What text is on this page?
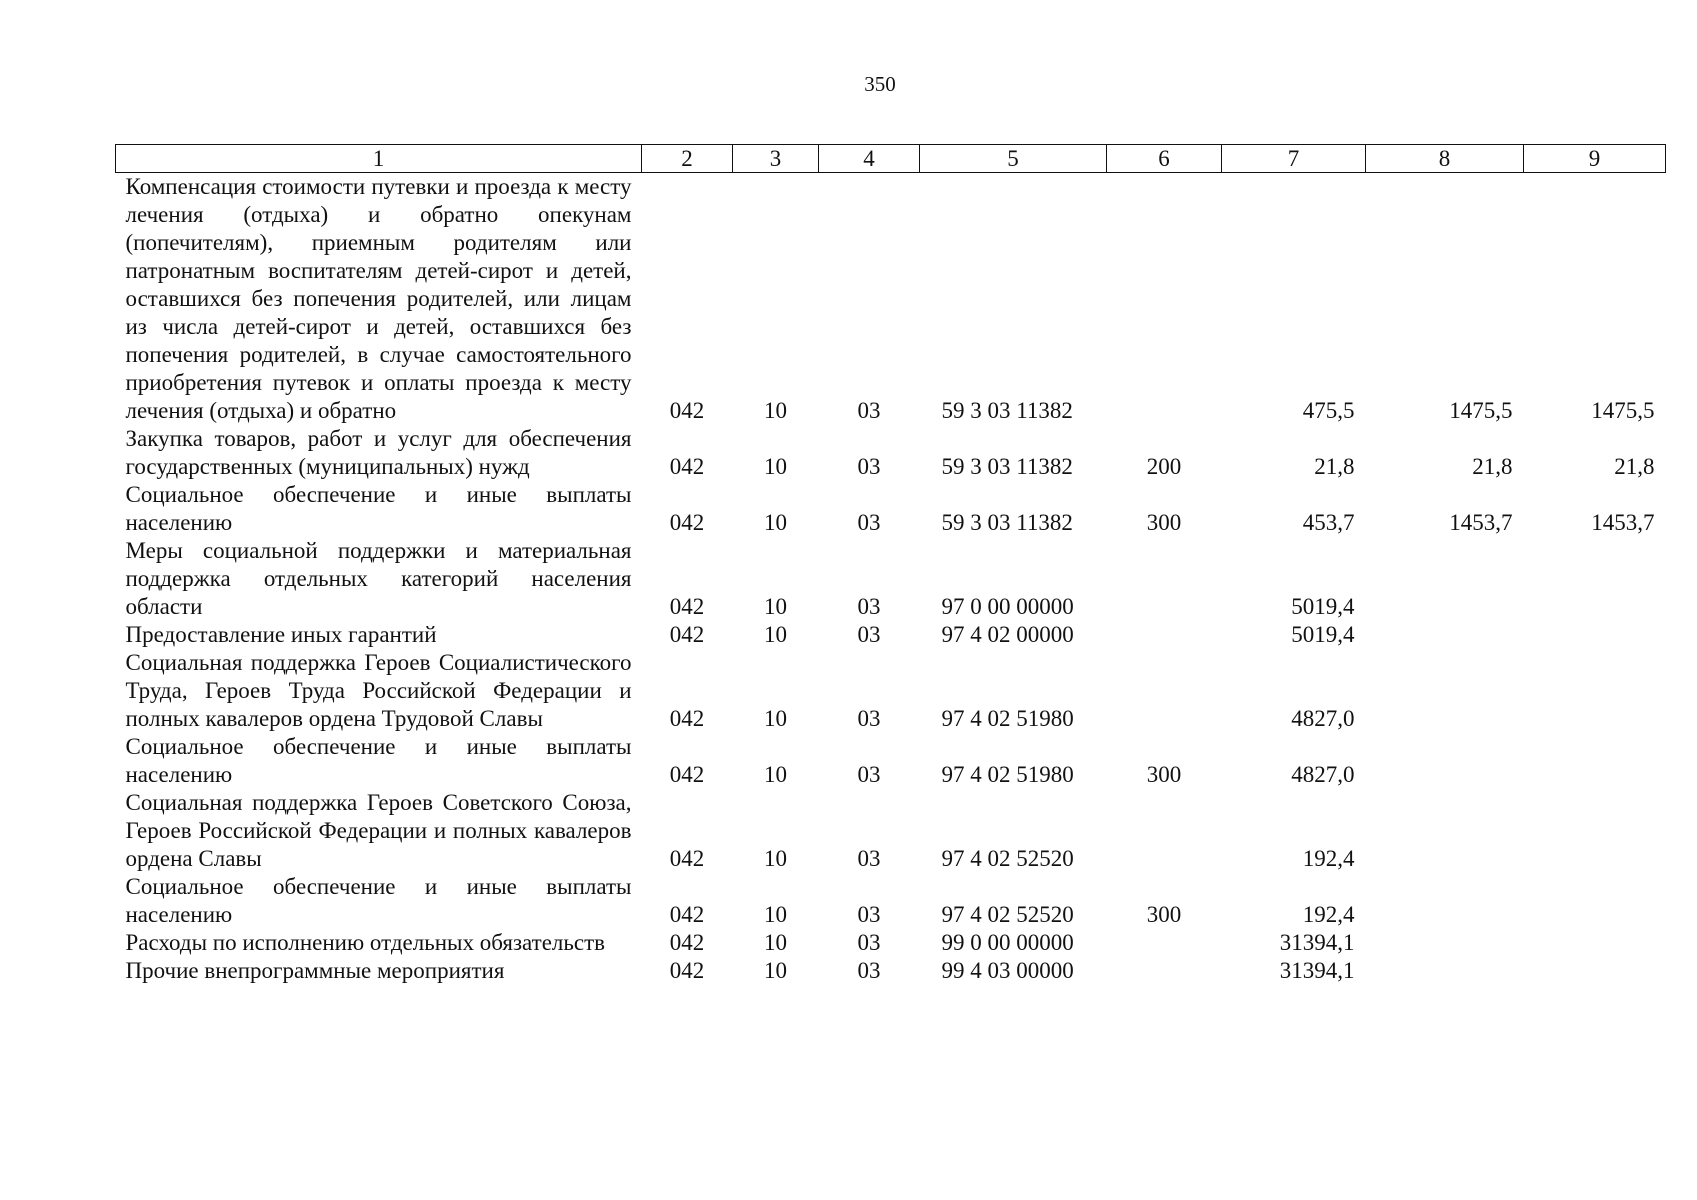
350
1	2	3	4	5	6	7	8	9
Компенсация стоимости путевки и проезда к месту лечения (отдыха) и обратно опекунам (попечителям), приемным родителям или патронатным воспитателям детей-сирот и детей, оставшихся без попечения родителей, или лицам из числа детей-сирот и детей, оставшихся без попечения родителей, в случае самостоятельного приобретения путевок и оплаты проезда к месту лечения (отдыха) и обратно	042	10	03	59 3 03 11382		475,5	1475,5	1475,5
Закупка товаров, работ и услуг для обеспечения государственных (муниципальных) нужд	042	10	03	59 3 03 11382	200	21,8	21,8	21,8
Социальное обеспечение и иные выплаты населению	042	10	03	59 3 03 11382	300	453,7	1453,7	1453,7
Меры социальной поддержки и материальная поддержка отдельных категорий населения области	042	10	03	97 0 00 00000		5019,4		
Предоставление иных гарантий	042	10	03	97 4 02 00000		5019,4		
Социальная поддержка Героев Социалистического Труда, Героев Труда Российской Федерации и полных кавалеров ордена Трудовой Славы	042	10	03	97 4 02 51980		4827,0		
Социальное обеспечение и иные выплаты населению	042	10	03	97 4 02 51980	300	4827,0		
Социальная поддержка Героев Советского Союза, Героев Российской Федерации и полных кавалеров ордена Славы	042	10	03	97 4 02 52520		192,4		
Социальное обеспечение и иные выплаты населению	042	10	03	97 4 02 52520	300	192,4		
Расходы по исполнению отдельных обязательств	042	10	03	99 0 00 00000		31394,1		
Прочие внепрограммные мероприятия	042	10	03	99 4 03 00000		31394,1		
